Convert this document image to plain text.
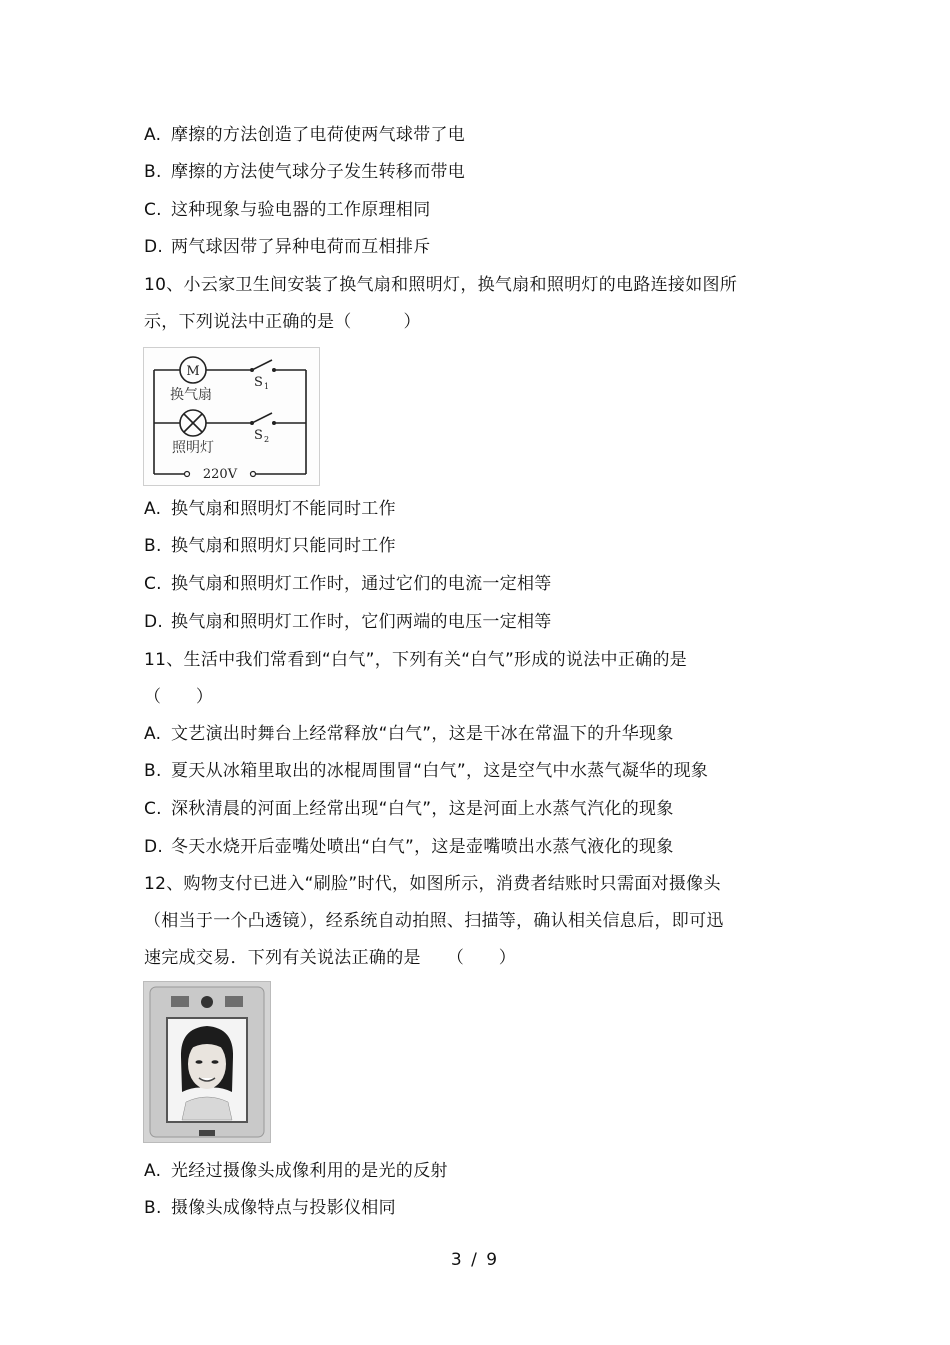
A. 摩擦的方法创造了电荷使两气球带了电
B. 摩擦的方法使气球分子发生转移而带电
C. 这种现象与验电器的工作原理相同
D. 两气球因带了异种电荷而互相排斥
10、小云家卫生间安装了换气扇和照明灯，换气扇和照明灯的电路连接如图所
示，下列说法中正确的是（　　　）
M
换气扇
照明灯
S 1
S 2
220V
A. 换气扇和照明灯不能同时工作
B. 换气扇和照明灯只能同时工作
C. 换气扇和照明灯工作时，通过它们的电流一定相等
D. 换气扇和照明灯工作时，它们两端的电压一定相等
11、生活中我们常看到“白气”，下列有关“白气”形成的说法中正确的是
（　　）
A. 文艺演出时舞台上经常释放“白气”，这是干冰在常温下的升华现象
B. 夏天从冰箱里取出的冰棍周围冒“白气”，这是空气中水蒸气凝华的现象
C. 深秋清晨的河面上经常出现“白气”，这是河面上水蒸气汽化的现象
D. 冬天水烧开后壶嘴处喷出“白气”，这是壶嘴喷出水蒸气液化的现象
12、购物支付已进入“刷脸”时代，如图所示，消费者结账时只需面对摄像头
（相当于一个凸透镜），经系统自动拍照、扫描等，确认相关信息后，即可迅
速完成交易．下列有关说法正确的是　　（　　）
A. 光经过摄像头成像利用的是光的反射
B. 摄像头成像特点与投影仪相同
3 / 9
